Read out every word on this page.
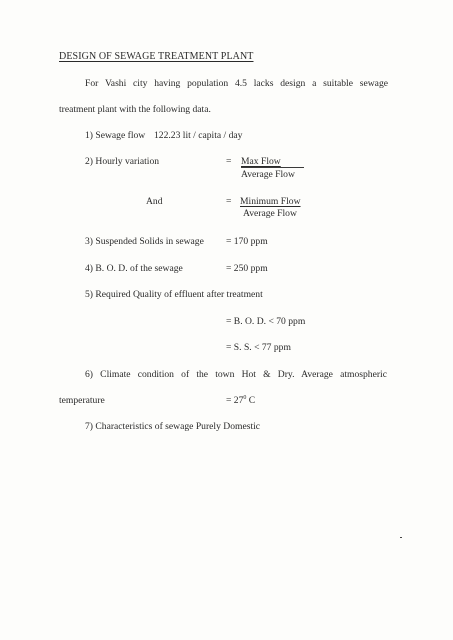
DESIGN OF SEWAGE TREATMENT PLANT
For Vashi city having population 4.5 lacks design a suitable sewage
treatment plant with the following data.
1) Sewage flow 122.23 lit / capita / day
2) Hourly variation	= Max Flow
Average Flow
And	= Minimum Flow
Average Flow
3) Suspended Solids in sewage = 170 ppm
4) B. O. D. of the sewage	= 250 ppm
5) Required Quality of effluent after treatment
= B. O. D. < 70 ppm
= S. S. < 77 ppm
6) Climate condition of the town Hot & Dry. Average atmospheric
temperature	= $27^0$ C
7) Characteristics of sewage Purely Domestic
